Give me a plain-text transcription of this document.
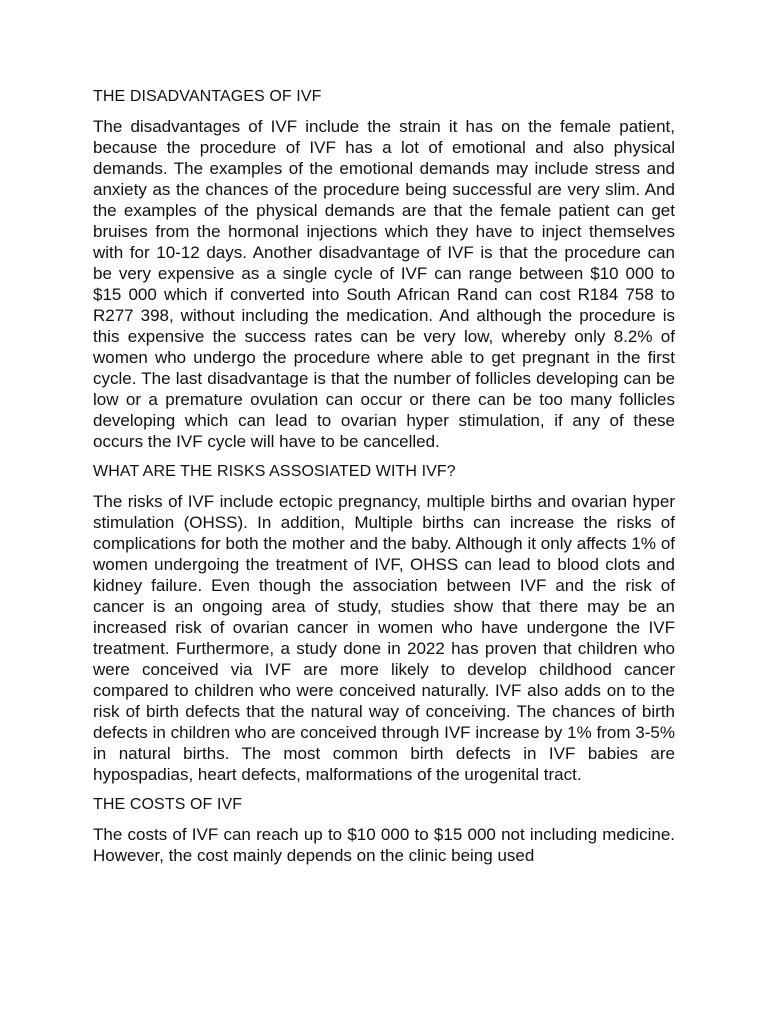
THE DISADVANTAGES OF IVF
The disadvantages of IVF include the strain it has on the female patient, because the procedure of IVF has a lot of emotional and also physical demands. The examples of the emotional demands may include stress and anxiety as the chances of the procedure being successful are very slim. And the examples of the physical demands are that the female patient can get bruises from the hormonal injections which they have to inject themselves with for 10-12 days. Another disadvantage of IVF is that the procedure can be very expensive as a single cycle of IVF can range between $10 000 to $15 000 which if converted into South African Rand can cost R184 758 to R277 398, without including the medication. And although the procedure is this expensive the success rates can be very low, whereby only 8.2% of women who undergo the procedure where able to get pregnant in the first cycle. The last disadvantage is that the number of follicles developing can be low or a premature ovulation can occur or there can be too many follicles developing which can lead to ovarian hyper stimulation, if any of these occurs the IVF cycle will have to be cancelled.
WHAT ARE THE RISKS ASSOSIATED WITH IVF?
The risks of IVF include ectopic pregnancy, multiple births and ovarian hyper stimulation (OHSS). In addition, Multiple births can increase the risks of complications for both the mother and the baby. Although it only affects 1% of women undergoing the treatment of IVF, OHSS can lead to blood clots and kidney failure. Even though the association between IVF and the risk of cancer is an ongoing area of study, studies show that there may be an increased risk of ovarian cancer in women who have undergone the IVF treatment. Furthermore, a study done in 2022 has proven that children who were conceived via IVF are more likely to develop childhood cancer compared to children who were conceived naturally. IVF also adds on to the risk of birth defects that the natural way of conceiving. The chances of birth defects in children who are conceived through IVF increase by 1% from 3-5% in natural births. The most common birth defects in IVF babies are hypospadias, heart defects, malformations of the urogenital tract.
THE COSTS OF IVF
The costs of IVF can reach up to $10 000 to $15 000 not including medicine. However, the cost mainly depends on the clinic being used
